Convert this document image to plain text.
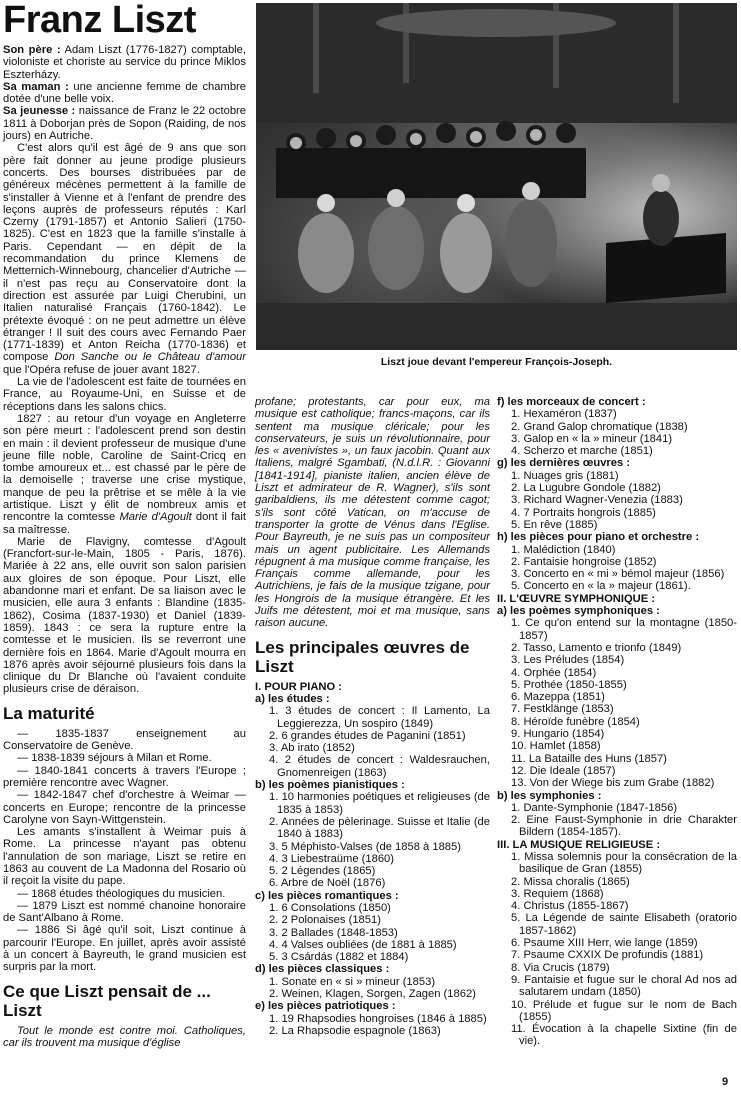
Franz Liszt

Son père : Adam Liszt (1776-1827) comptable, violoniste et choriste au service du prince Miklos Eszterházy.

Sa maman : une ancienne femme de chambre dotée d'une belle voix.

Sa jeunesse : naissance de Franz le 22 octobre 1811 à Doborjan près de Sopon (Raiding, de nos jours) en Autriche.

C'est alors qu'il est âgé de 9 ans que son père fait donner au jeune prodige plusieurs concerts. Des bourses distribuées par de généreux mécènes permettent à la famille de s'installer à Vienne et à l'enfant de prendre des leçons auprès de professeurs réputés : Karl Czerny (1791-1857) et Antonio Salieri (1750-1825). C'est en 1823 que la famille s'installe à Paris. Cependant — en dépit de la recommandation du prince Klemens de Metternich-Winnebourg, chancelier d'Autriche — il n'est pas reçu au Conservatoire dont la direction est assurée par Luigi Cherubini, un Italien naturalisé Français (1760-1842). Le prétexte évoqué : on ne peut admettre un élève étranger ! Il suit des cours avec Fernando Paer (1771-1839) et Anton Reicha (1770-1836) et compose Don Sanche ou le Château d'amour que l'Opéra refuse de jouer avant 1827.

La vie de l'adolescent est faite de tournées en France, au Royaume-Uni, en Suisse et de réceptions dans les salons chics.

1827 : au retour d'un voyage en Angleterre son père meurt : l'adolescent prend son destin en main : il devient professeur de musique d'une jeune fille noble, Caroline de Saint-Cricq en tombe amoureux et... est chassé par le père de la demoiselle ; traverse une crise mystique, manque de peu la prêtrise et se mêle à la vie artistique. Liszt y élit de nombreux amis et rencontre la comtesse Marie d'Agoult dont il fait sa maîtresse.

Marie de Flavigny, comtesse d'Agoult (Francfort-sur-le-Main, 1805 - Paris, 1876). Mariée à 22 ans, elle ouvrit son salon parisien aux gloires de son époque. Pour Liszt, elle abandonne mari et enfant. De sa liaison avec le musicien, elle aura 3 enfants : Blandine (1835-1862), Cosima (1837-1930) et Daniel (1839-1859). 1843 : ce sera la rupture entre la comtesse et le musicien. Ils se reverront une dernière fois en 1864. Marie d'Agoult mourra en 1876 après avoir séjourné plusieurs fois dans la clinique du Dr Blanche où l'avaient conduite plusieurs crise de déraison.

La maturité

— 1835-1837 enseignement au Conservatoire de Genève.

— 1838-1839 séjours à Milan et Rome.

— 1840-1841 concerts à travers l'Europe ; première rencontre avec Wagner.

— 1842-1847 chef d'orchestre à Weimar — concerts en Europe; rencontre de la princesse Carolyne von Sayn-Wittgenstein.

Les amants s'installent à Weimar puis à Rome. La princesse n'ayant pas obtenu l'annulation de son mariage, Liszt se retire en 1863 au couvent de La Madonna del Rosario où il reçoit la visite du pape.

— 1868 études théologiques du musicien.

— 1879 Liszt est nommé chanoine honoraire de Sant'Albano à Rome.

— 1886 Si âgé qu'il soit, Liszt continue à parcourir l'Europe. En juillet, après avoir assisté à un concert à Bayreuth, le grand musicien est surpris par la mort.

Ce que Liszt pensait de ... Liszt

Tout le monde est contre moi. Catholiques, car ils trouvent ma musique d'église

Liszt joue devant l'empereur François-Joseph.

profane; protestants, car pour eux, ma musique est catholique; francs-maçons, car ils sentent ma musique cléricale; pour les conservateurs, je suis un révolutionnaire, pour les « avenivistes », un faux jacobin. Quant aux Italiens, malgré Sgambati, (N.d.l.R. : Giovanni [1841-1914], pianiste italien, ancien élève de Liszt et admirateur de R. Wagner), s'ils sont garibaldiens, ils me détestent comme cagot; s'ils sont côté Vatican, on m'accuse de transporter la grotte de Vénus dans l'Eglise. Pour Bayreuth, je ne suis pas un compositeur mais un agent publicitaire. Les Allemands répugnent à ma musique comme française, les Français comme allemande, pour les Autrichiens, je fais de la musique tzigane, pour les Hongrois de la musique étrangère. Et les Juifs me détestent, moi et ma musique, sans raison aucune.

Les principales œuvres de Liszt
I. POUR PIANO :
a) les études :
1. 3 études de concert : Il Lamento, La Leggierezza, Un sospiro (1849)
2. 6 grandes études de Paganini (1851)
3. Ab irato (1852)
4. 2 études de concert : Waldesrauchen, Gnomenreigen (1863)
b) les poèmes pianistiques :
1. 10 harmonies poétiques et religieuses (de 1835 à 1853)
2. Années de pèlerinage. Suisse et Italie (de 1840 à 1883)
3. 5 Méphisto-Valses (de 1858 à 1885)
4. 3 Liebestraüme (1860)
5. 2 Légendes (1865)
6. Arbre de Noël (1876)
c) les pièces romantiques :
1. 6 Consolations (1850)
2. 2 Polonaises (1851)
3. 2 Ballades (1848-1853)
4. 4 Valses oubliées (de 1881 à 1885)
5. 3 Csárdás (1882 et 1884)
d) les pièces classiques :
1. Sonate en « si » mineur (1853)
2. Weinen, Klagen, Sorgen, Zagen (1862)
e) les pièces patriotiques :
1. 19 Rhapsodies hongroises (1846 à 1885)
2. La Rhapsodie espagnole (1863)
f) les morceaux de concert :
1. Hexaméron (1837)
2. Grand Galop chromatique (1838)
3. Galop en « la » mineur (1841)
4. Scherzo et marche (1851)
g) les dernières œuvres :
1. Nuages gris (1881)
2. La Lugubre Gondole (1882)
3. Richard Wagner-Venezia (1883)
4. 7 Portraits hongrois (1885)
5. En rêve (1885)
h) les pièces pour piano et orchestre :
1. Malédiction (1840)
2. Fantaisie hongroise (1852)
3. Concerto en « mi » bémol majeur (1856)
5. Concerto en « la » majeur (1861).
II. L'ŒUVRE SYMPHONIQUE :
a) les poèmes symphoniques :
1. Ce qu'on entend sur la montagne (1850-1857)
2. Tasso, Lamento e trionfo (1849)
3. Les Préludes (1854)
4. Orphée (1854)
5. Prothée (1850-1855)
6. Mazeppa (1851)
7. Festklänge (1853)
8. Héroïde funèbre (1854)
9. Hungario (1854)
10. Hamlet (1858)
11. La Bataille des Huns (1857)
12. Die Ideale (1857)
13. Von der Wiege bis zum Grabe (1882)
b) les symphonies :
1. Dante-Symphonie (1847-1856)
2. Eine Faust-Symphonie in drie Charakter Bildern (1854-1857).
III. LA MUSIQUE RELIGIEUSE :
1. Missa solemnis pour la consécration de la basilique de Gran (1855)
2. Missa choralis (1865)
3. Requiem (1868)
4. Christus (1855-1867)
5. La Légende de sainte Elisabeth (oratorio 1857-1862)
6. Psaume XIII Herr, wie lange (1859)
7. Psaume CXXIX De profundis (1881)
8. Via Crucis (1879)
9. Fantaisie et fugue sur le choral Ad nos ad salutarem undam (1850)
10. Prélude et fugue sur le nom de Bach (1855)
11. Évocation à la chapelle Sixtine (fin de vie).
9
